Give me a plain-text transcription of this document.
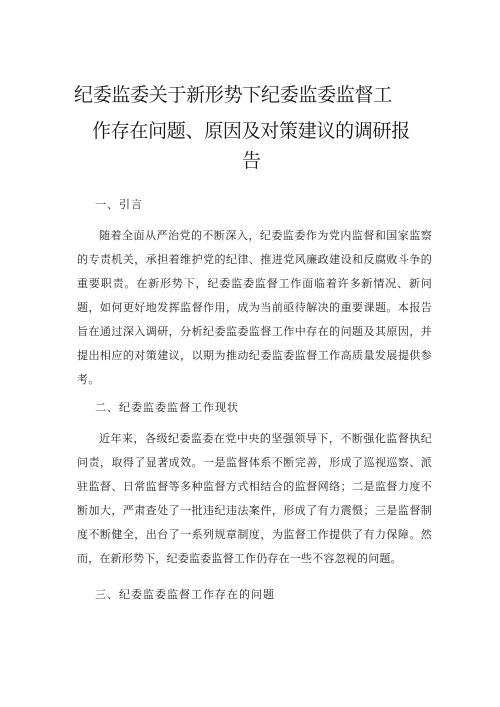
纪委监委关于新形势下纪委监委监督工
作存在问题、原因及对策建议的调研报
告
一、引言
随着全面从严治党的不断深入，纪委监委作为党内监督和国家监察的专责机关，承担着维护党的纪律、推进党风廉政建设和反腐败斗争的重要职责。在新形势下，纪委监委监督工作面临着许多新情况、新问题，如何更好地发挥监督作用，成为当前亟待解决的重要课题。本报告旨在通过深入调研，分析纪委监委监督工作中存在的问题及其原因，并提出相应的对策建议，以期为推动纪委监委监督工作高质量发展提供参考。
二、纪委监委监督工作现状
近年来，各级纪委监委在党中央的坚强领导下，不断强化监督执纪问责，取得了显著成效。一是监督体系不断完善，形成了巡视巡察、派驻监督、日常监督等多种监督方式相结合的监督网络；二是监督力度不断加大，严肃查处了一批违纪违法案件，形成了有力震慑；三是监督制度不断健全，出台了一系列规章制度，为监督工作提供了有力保障。然而，在新形势下，纪委监委监督工作仍存在一些不容忽视的问题。
三、纪委监委监督工作存在的问题
